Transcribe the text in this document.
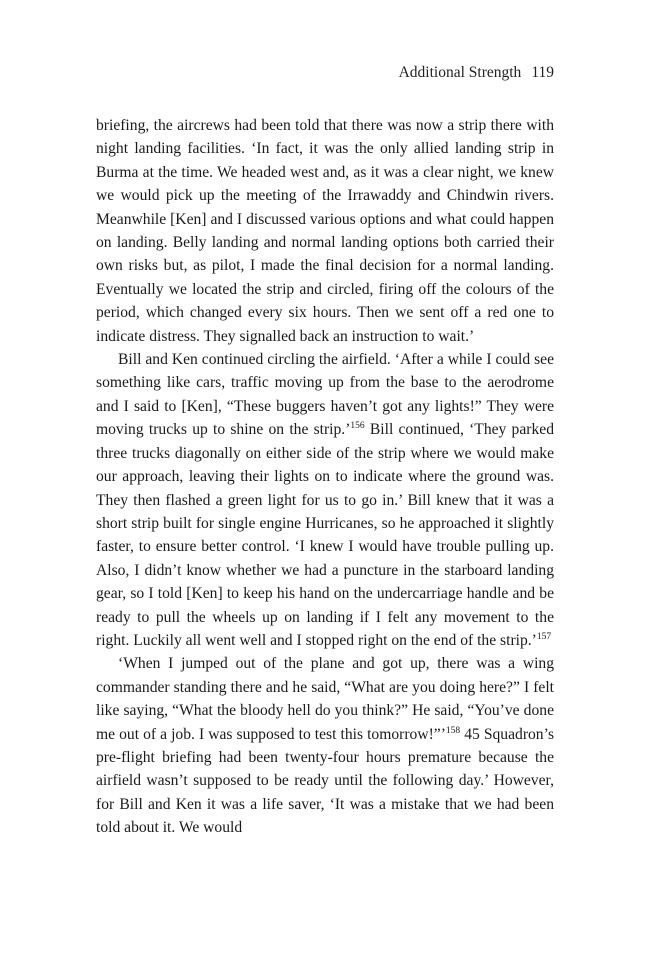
Additional Strength 119

briefing, the aircrews had been told that there was now a strip there with night landing facilities. ‘In fact, it was the only allied landing strip in Burma at the time. We headed west and, as it was a clear night, we knew we would pick up the meeting of the Irrawaddy and Chindwin rivers. Meanwhile [Ken] and I discussed various options and what could happen on landing. Belly landing and normal landing options both carried their own risks but, as pilot, I made the final decision for a normal landing. Eventually we located the strip and circled, firing off the colours of the period, which changed every six hours. Then we sent off a red one to indicate distress. They signalled back an instruction to wait.’

Bill and Ken continued circling the airfield. ‘After a while I could see something like cars, traffic moving up from the base to the aerodrome and I said to [Ken], “These buggers haven’t got any lights!” They were moving trucks up to shine on the strip.’$^{156}$ Bill continued, ‘They parked three trucks diagonally on either side of the strip where we would make our approach, leaving their lights on to indicate where the ground was. They then flashed a green light for us to go in.’ Bill knew that it was a short strip built for single engine Hurricanes, so he approached it slightly faster, to ensure better control. ‘I knew I would have trouble pulling up. Also, I didn’t know whether we had a puncture in the starboard landing gear, so I told [Ken] to keep his hand on the undercarriage handle and be ready to pull the wheels up on landing if I felt any movement to the right. Luckily all went well and I stopped right on the end of the strip.’$^{157}$

‘When I jumped out of the plane and got up, there was a wing commander standing there and he said, “What are you doing here?” I felt like saying, “What the bloody hell do you think?” He said, “You’ve done me out of a job. I was supposed to test this tomorrow!”’$^{158}$ 45 Squadron’s pre-flight briefing had been twenty-four hours premature because the airfield wasn’t supposed to be ready until the following day.’ However, for Bill and Ken it was a life saver, ‘It was a mistake that we had been told about it. We would
